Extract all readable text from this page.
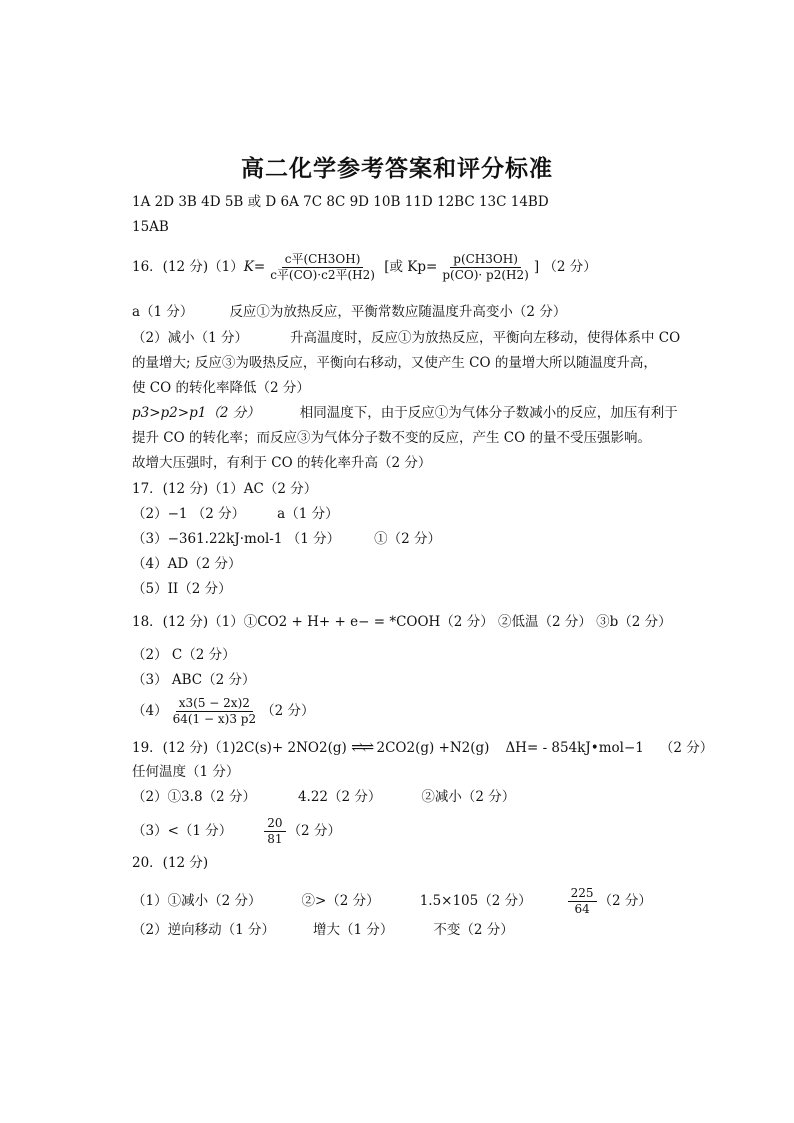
高二化学参考答案和评分标准
1A 2D 3B 4D 5B 或 D 6A 7C 8C 9D 10B 11D 12BC 13C 14BD
15AB
16．(12 分)$(1)K= \frac{\text{c平(CH3OH)}}{\text{c平(CO)·c2平(H2)}}$ [或 $Kp= \frac{p(CH3OH)}{p(CO)\cdot p2(H2)}$ ] （2 分）
a（1 分）	反应①为放热反应，平衡常数应随温度升高变小（2 分）
（2）减小（1 分）	升高温度时，反应①为放热反应，平衡向左移动，使得体系中 CO
的量增大; 反应③为吸热反应，平衡向右移动，又使产生 CO 的量增大所以随温度升高，
使 CO 的转化率降低（2 分）
p3>p2>p1（2 分）	相同温度下，由于反应①为气体分子数减小的反应，加压有利于
提升 CO 的转化率；而反应③为气体分子数不变的反应，产生 CO 的量不受压强影响。
故增大压强时，有利于 CO 的转化率升高（2 分）
17．(12 分)（1）AC（2 分）
（2）−1 （2 分） a（1 分）
（3）−361.22kJ·mol-1 （1 分）	①（2 分）
（4）AD（2 分）
（5）II（2 分）
18．(12 分)（1）①CO2 + H+ + e− = *COOH（2 分） ②低温（2 分） ③b（2 分）
（2） C（2 分）
（3） ABC（2 分）
$(4) \frac{x3(5 - 2x)2}{64(1 - x)3 p2} (2$ 分）
19．(12 分)（1)2C(s)+ 2NO2(g) ⇌⇌ 2CO2(g) +N2(g) ΔH= - 854kJ•mol−1 （2 分）
任何温度（1 分）
（2）①3.8（2 分）	4.22（2 分）	②减小（2 分）
（3）<（1 分）	$\frac{20}{81} (2$ 分）
20．(12 分)
（1）①减小（2 分）	②>（2 分）	1.5×105（2 分）	$\frac{225}{64} (2$ 分）
（2）逆向移动（1 分）	增大（1 分）	不变（2 分）
